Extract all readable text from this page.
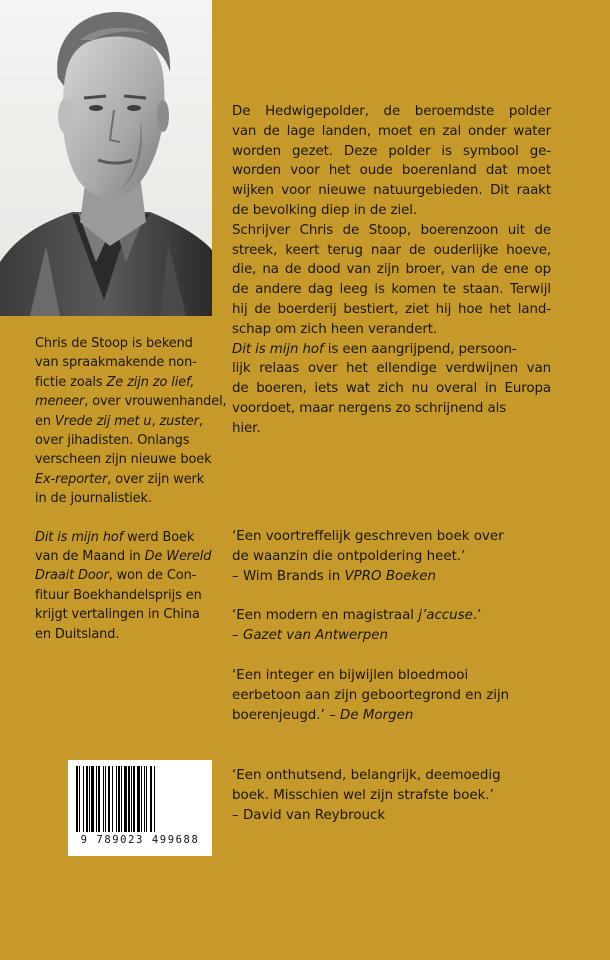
De Hedwigepolder, de beroemdste polder
van de lage landen, moet en zal onder water
worden gezet. Deze polder is symbool ge-
worden voor het oude boerenland dat moet
wijken voor nieuwe natuurgebieden. Dit raakt
de bevolking diep in de ziel.
Schrijver Chris de Stoop, boerenzoon uit de
streek, keert terug naar de ouderlijke hoeve,
die, na de dood van zijn broer, van de ene op
de andere dag leeg is komen te staan. Terwijl
hij de boerderij bestiert, ziet hij hoe het land-
schap om zich heen verandert.
Dit is mijn hof is een aangrijpend, persoon-
lijk relaas over het ellendige verdwijnen van
de boeren, iets wat zich nu overal in Europa
voordoet, maar nergens zo schrijnend als
hier.
Chris de Stoop is bekend
van spraakmakende non-
fictie zoals Ze zijn zo lief,
meneer, over vrouwenhandel,
en Vrede zij met u, zuster,
over jihadisten. Onlangs
verscheen zijn nieuwe boek
Ex-reporter, over zijn werk
in de journalistiek.
Dit is mijn hof werd Boek
van de Maand in De Wereld
Draait Door, won de Con-
fituur Boekhandelsprijs en
krijgt vertalingen in China
en Duitsland.
‘Een voortreffelijk geschreven boek over
de waanzin die ontpoldering heet.’
– Wim Brands in VPRO Boeken
‘Een modern en magistraal j’accuse.’
– Gazet van Antwerpen
‘Een integer en bijwijlen bloedmooi
eerbetoon aan zijn geboortegrond en zijn
boerenjeugd.’ – De Morgen
‘Een onthutsend, belangrijk, deemoedig
boek. Misschien wel zijn strafste boek.’
– David van Reybrouck
9 789023 499688
